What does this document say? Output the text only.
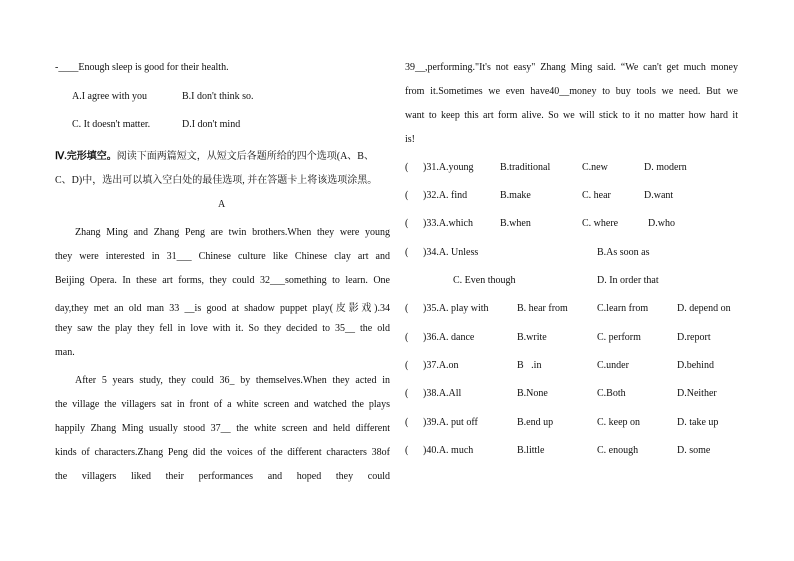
-____Enough sleep is good for their health.
A.I agree with you	B.I don't think so.
C. It doesn't matter.	D.I don't mind
Ⅳ.完形填空。阅读下面两篇短文，从短文后各题所给的四个选项(A、B、
C、D)中，选出可以填入空白处的最佳选项, 并在答题卡上将该选项涂黑。
A
Zhang Ming and Zhang Peng are twin brothers.When they were young
they were interested in 31___ Chinese culture like Chinese clay art and
Beijing Opera. In these art forms, they could 32___something to learn. One
day,they met an old man 33 __is good at shadow puppet play(皮影戏).34
they saw the play they fell in love with it. So they decided to 35__ the old
man.
After 5 years study, they could 36_ by themselves.When they acted in
the village the villagers sat in front of a white screen and watched the plays
happily Zhang Ming usually stood 37__ the white screen and held different
kinds of characters.Zhang Peng did the voices of the different characters 38of
the villagers liked their performances and hoped they could
39__,performing."It's not easy" Zhang Ming said. “We can't get much money
from it.Sometimes we even have40__money to buy tools we need. But we
want to keep this art form alive. So we will stick to it no matter how hard it
is!
( )31.A.young	B.traditional	C.new	D. modern
( )32.A. find	B.make	C. hear	D.want
( )33.A.which	B.when	C. where	D.who
( )34.A. Unless	B.As soon as
C. Even though	D. In order that
( )35.A. play with	B. hear from	C.learn from	D. depend on
( )36.A. dance	B.write	C. perform	D.report
( )37.A.on	B   .in	C.under	D.behind
( )38.A.All	B.None	C.Both	D.Neither
( )39.A. put off	B.end up	C. keep on	D. take up
( )40.A. much	B.little	C. enough	D. some
